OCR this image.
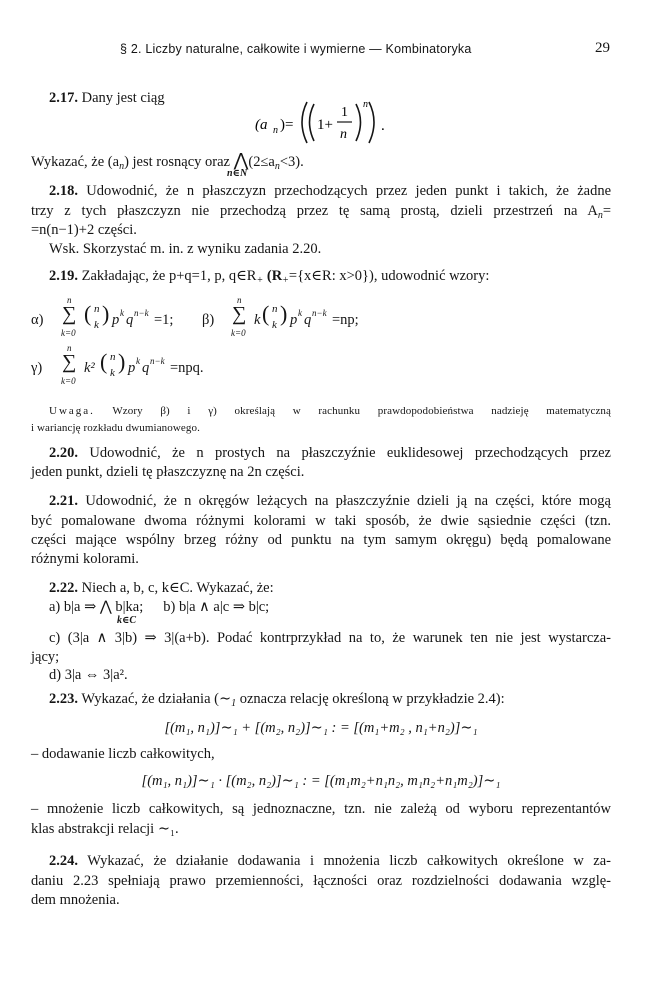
§ 2. Liczby naturalne, całkowite i wymierne — Kombinatoryka	29
2.17. Dany jest ciąg
(a n )= 1+
1
n
n
.
Wykazać, że $(a_n)$ jest rosnący oraz $⋀(2\le a_n<3)$.
n∈N
2.18. Udowodnić, że n płaszczyzn przechodzących przez jeden punkt i takich, że żadne
trzy z tych płaszczyzn nie przechodzą przez tę samą prostą, dzieli przestrzeń na $A_n=$
=n(n−1)+2 części.
Wsk. Skorzystać m. in. z wyniku zadania 2.20.
2.19. Zakładając, że p+q=1, p, $q\in R_+$ ($R_+=\{x\in R$: x>0}), udowodnić wzory:
α)
n
∑
k=0
( n
k ) p k q n−k =1; β)
n
∑
k=0
k ( n
k ) p k q n−k =np;
γ)
n
∑
k=0
k² ( n
k ) p k q n−k =npq.
Uwaga. Wzory β) i γ) określają w rachunku prawdopodobieństwa nadzieję matematyczną
i wariancję rozkładu dwumianowego.
2.20. Udowodnić, że n prostych na płaszczyźnie euklidesowej przechodzących przez
jeden punkt, dzieli tę płaszczyznę na 2n części.
2.21. Udowodnić, że n okręgów leżących na płaszczyźnie dzieli ją na części, które mogą
być pomalowane dwoma różnymi kolorami w taki sposób, że dwie sąsiednie części (tzn.
części mające wspólny brzeg różny od punktu na tym samym okręgu) będą pomalowane
różnymi kolorami.
2.22. Niech a, b, c, k∈C. Wykazać, że:
a) b|a ⇒ ⋀ b|ka; b) b|a ∧ a|c ⇒ b|c;
k∈C
c) (3|a ∧ 3|b) ⇒ 3|(a+b). Podać kontrprzykład na to, że warunek ten nie jest wystarcza-
jący;
d) 3|a ⇔ 3|a².
2.23. Wykazać, że działania ($\sim_1$ oznacza relację określoną w przykładzie 2.4):
[(m₁, n₁)]∼₁ + [(m₂, n₂)]∼₁ : = [(m₁+m₂ , n₁+n₂)]∼₁
– dodawanie liczb całkowitych,
[(m₁, n₁)]∼₁ · [(m₂, n₂)]∼₁ : = [(m₁m₂+n₁n₂, m₁n₂+n₁m₂)]∼₁
– mnożenie liczb całkowitych, są jednoznaczne, tzn. nie zależą od wyboru reprezentantów
klas abstrakcji relacji ∼₁.
2.24. Wykazać, że działanie dodawania i mnożenia liczb całkowitych określone w za-
daniu 2.23 spełniają prawo przemienności, łączności oraz rozdzielności dodawania wzglę-
dem mnożenia.
